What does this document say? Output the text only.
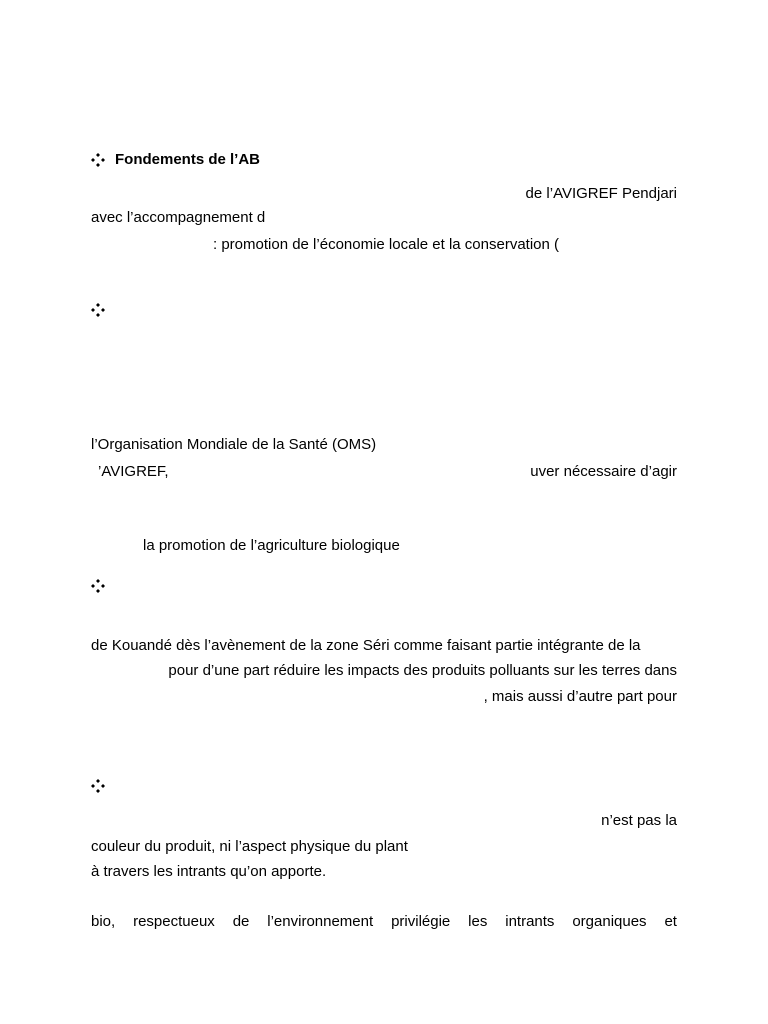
Fondements de l’AB
de l’AVIGREF Pendjari
avec l’accompagnement d
: promotion de l’économie locale et la conservation (
l’Organisation Mondiale de la Santé (OMS)
’AVIGREF,	uver nécessaire d’agir
la promotion de l’agriculture biologique
de Kouandé dès l’avènement de la zone Séri comme faisant partie intégrante de la
pour d’une part réduire les impacts des produits polluants sur les terres dans
, mais aussi d’autre part pour
n’est pas la
couleur du produit, ni l’aspect physique du plant
à travers les intrants qu’on apporte.
bio, respectueux de l’environnement privilégie les intrants organiques et
